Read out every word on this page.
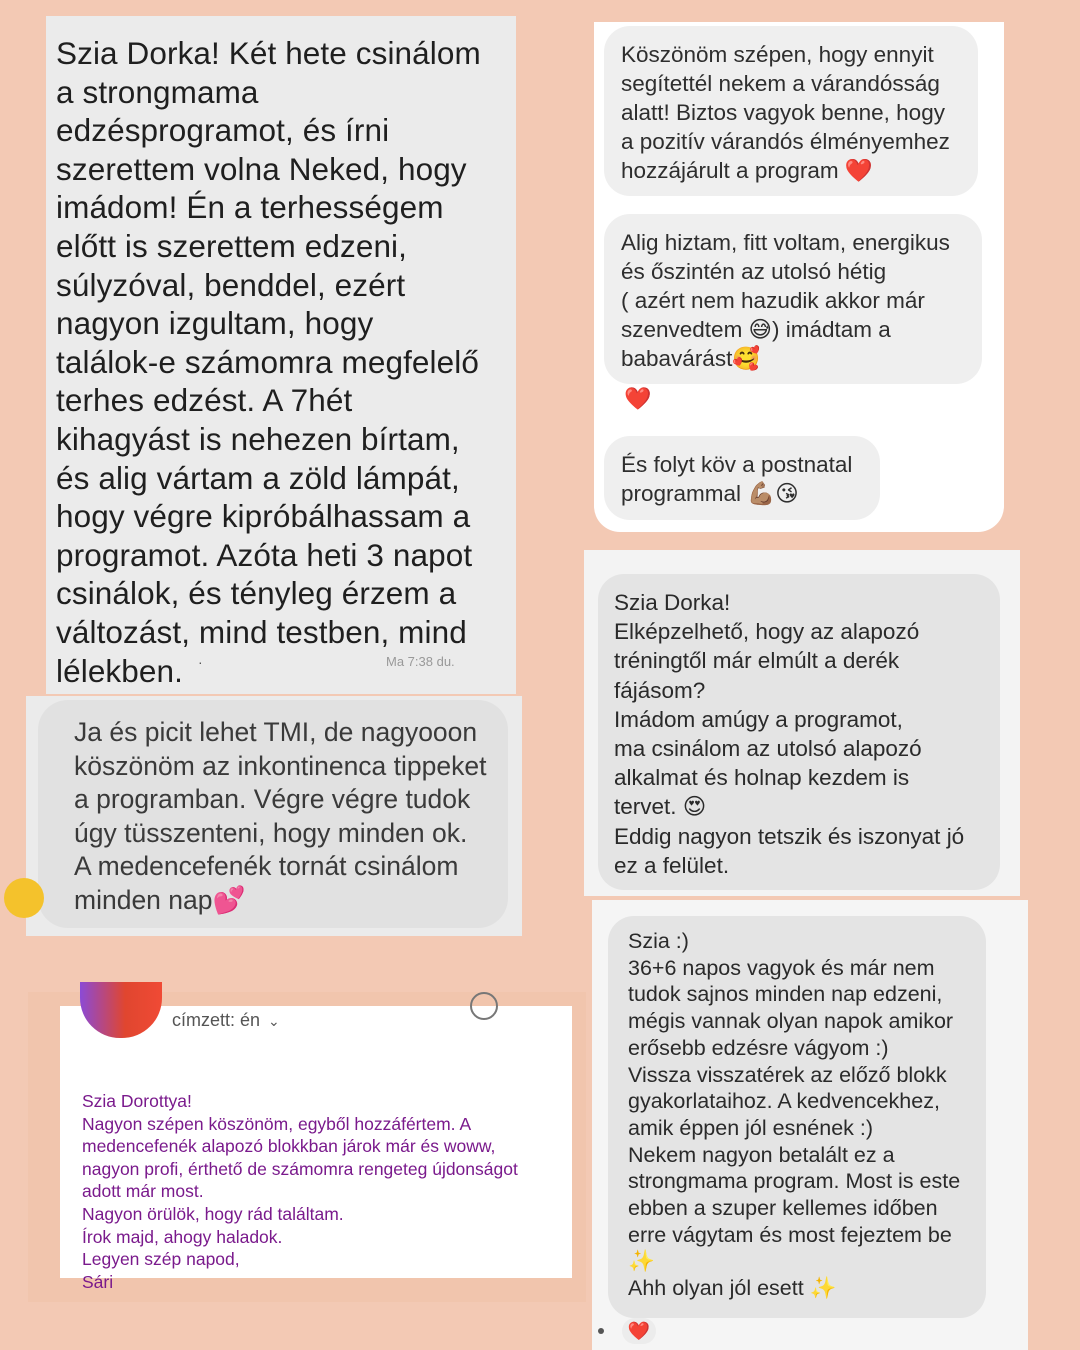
Szia Dorka! Két hete csinálom
a strongmama
edzésprogramot, és írni
szerettem volna Neked, hogy
imádom! Én a terhességem
előtt is szerettem edzeni,
súlyzóval, benddel, ezért
nagyon izgultam, hogy
találok-e számomra megfelelő
terhes edzést. A 7hét
kihagyást is nehezen bírtam,
és alig vártam a zöld lámpát,
hogy végre kipróbálhassam a
programot. Azóta heti 3 napot
csinálok, és tényleg érzem a
változást, mind testben, mind
lélekben.	·	Ma 7:38 du.
Ja és picit lehet TMI, de nagyooon
köszönöm az inkontinenca tippeket
a programban. Végre végre tudok
úgy tüsszenteni, hogy minden ok.
A medencefenék tornát csinálom
minden nap💕
Köszönöm szépen, hogy ennyit
segítettél nekem a várandósság
alatt! Biztos vagyok benne, hogy
a pozitív várandós élményemhez
hozzájárult a program ❤️
Alig hiztam, fitt voltam, energikus
és őszintén az utolsó hétig
( azért nem hazudik akkor már
szenvedtem 😅) imádtam a
babavárást🥰
❤️
És folyt köv a postnatal
programmal 💪🏽😘
Szia Dorka!
Elképzelhető, hogy az alapozó
tréningtől már elmúlt a derék
fájásom?
Imádom amúgy a programot,
ma csinálom az utolsó alapozó
alkalmat és holnap kezdem is
tervet. 😍
Eddig nagyon tetszik és iszonyat jó
ez a felület.
Szia :)
36+6 napos vagyok és már nem
tudok sajnos minden nap edzeni,
mégis vannak olyan napok amikor
erősebb edzésre vágyom :)
Vissza visszatérek az előző blokk
gyakorlataihoz. A kedvencekhez,
amik éppen jól esnének :)
Nekem nagyon betalált ez a
strongmama program. Most is este
ebben a szuper kellemes időben
erre vágytam és most fejeztem be
✨
Ahh olyan jól esett ✨
❤️
címzett: én ⌄
Szia Dorottya!
Nagyon szépen köszönöm, egyből hozzáfértem. A
medencefenék alapozó blokkban járok már és woww,
nagyon profi, érthető de számomra rengeteg újdonságot
adott már most.
Nagyon örülök, hogy rád találtam.
Írok majd, ahogy haladok.
Legyen szép napod,
Sári
